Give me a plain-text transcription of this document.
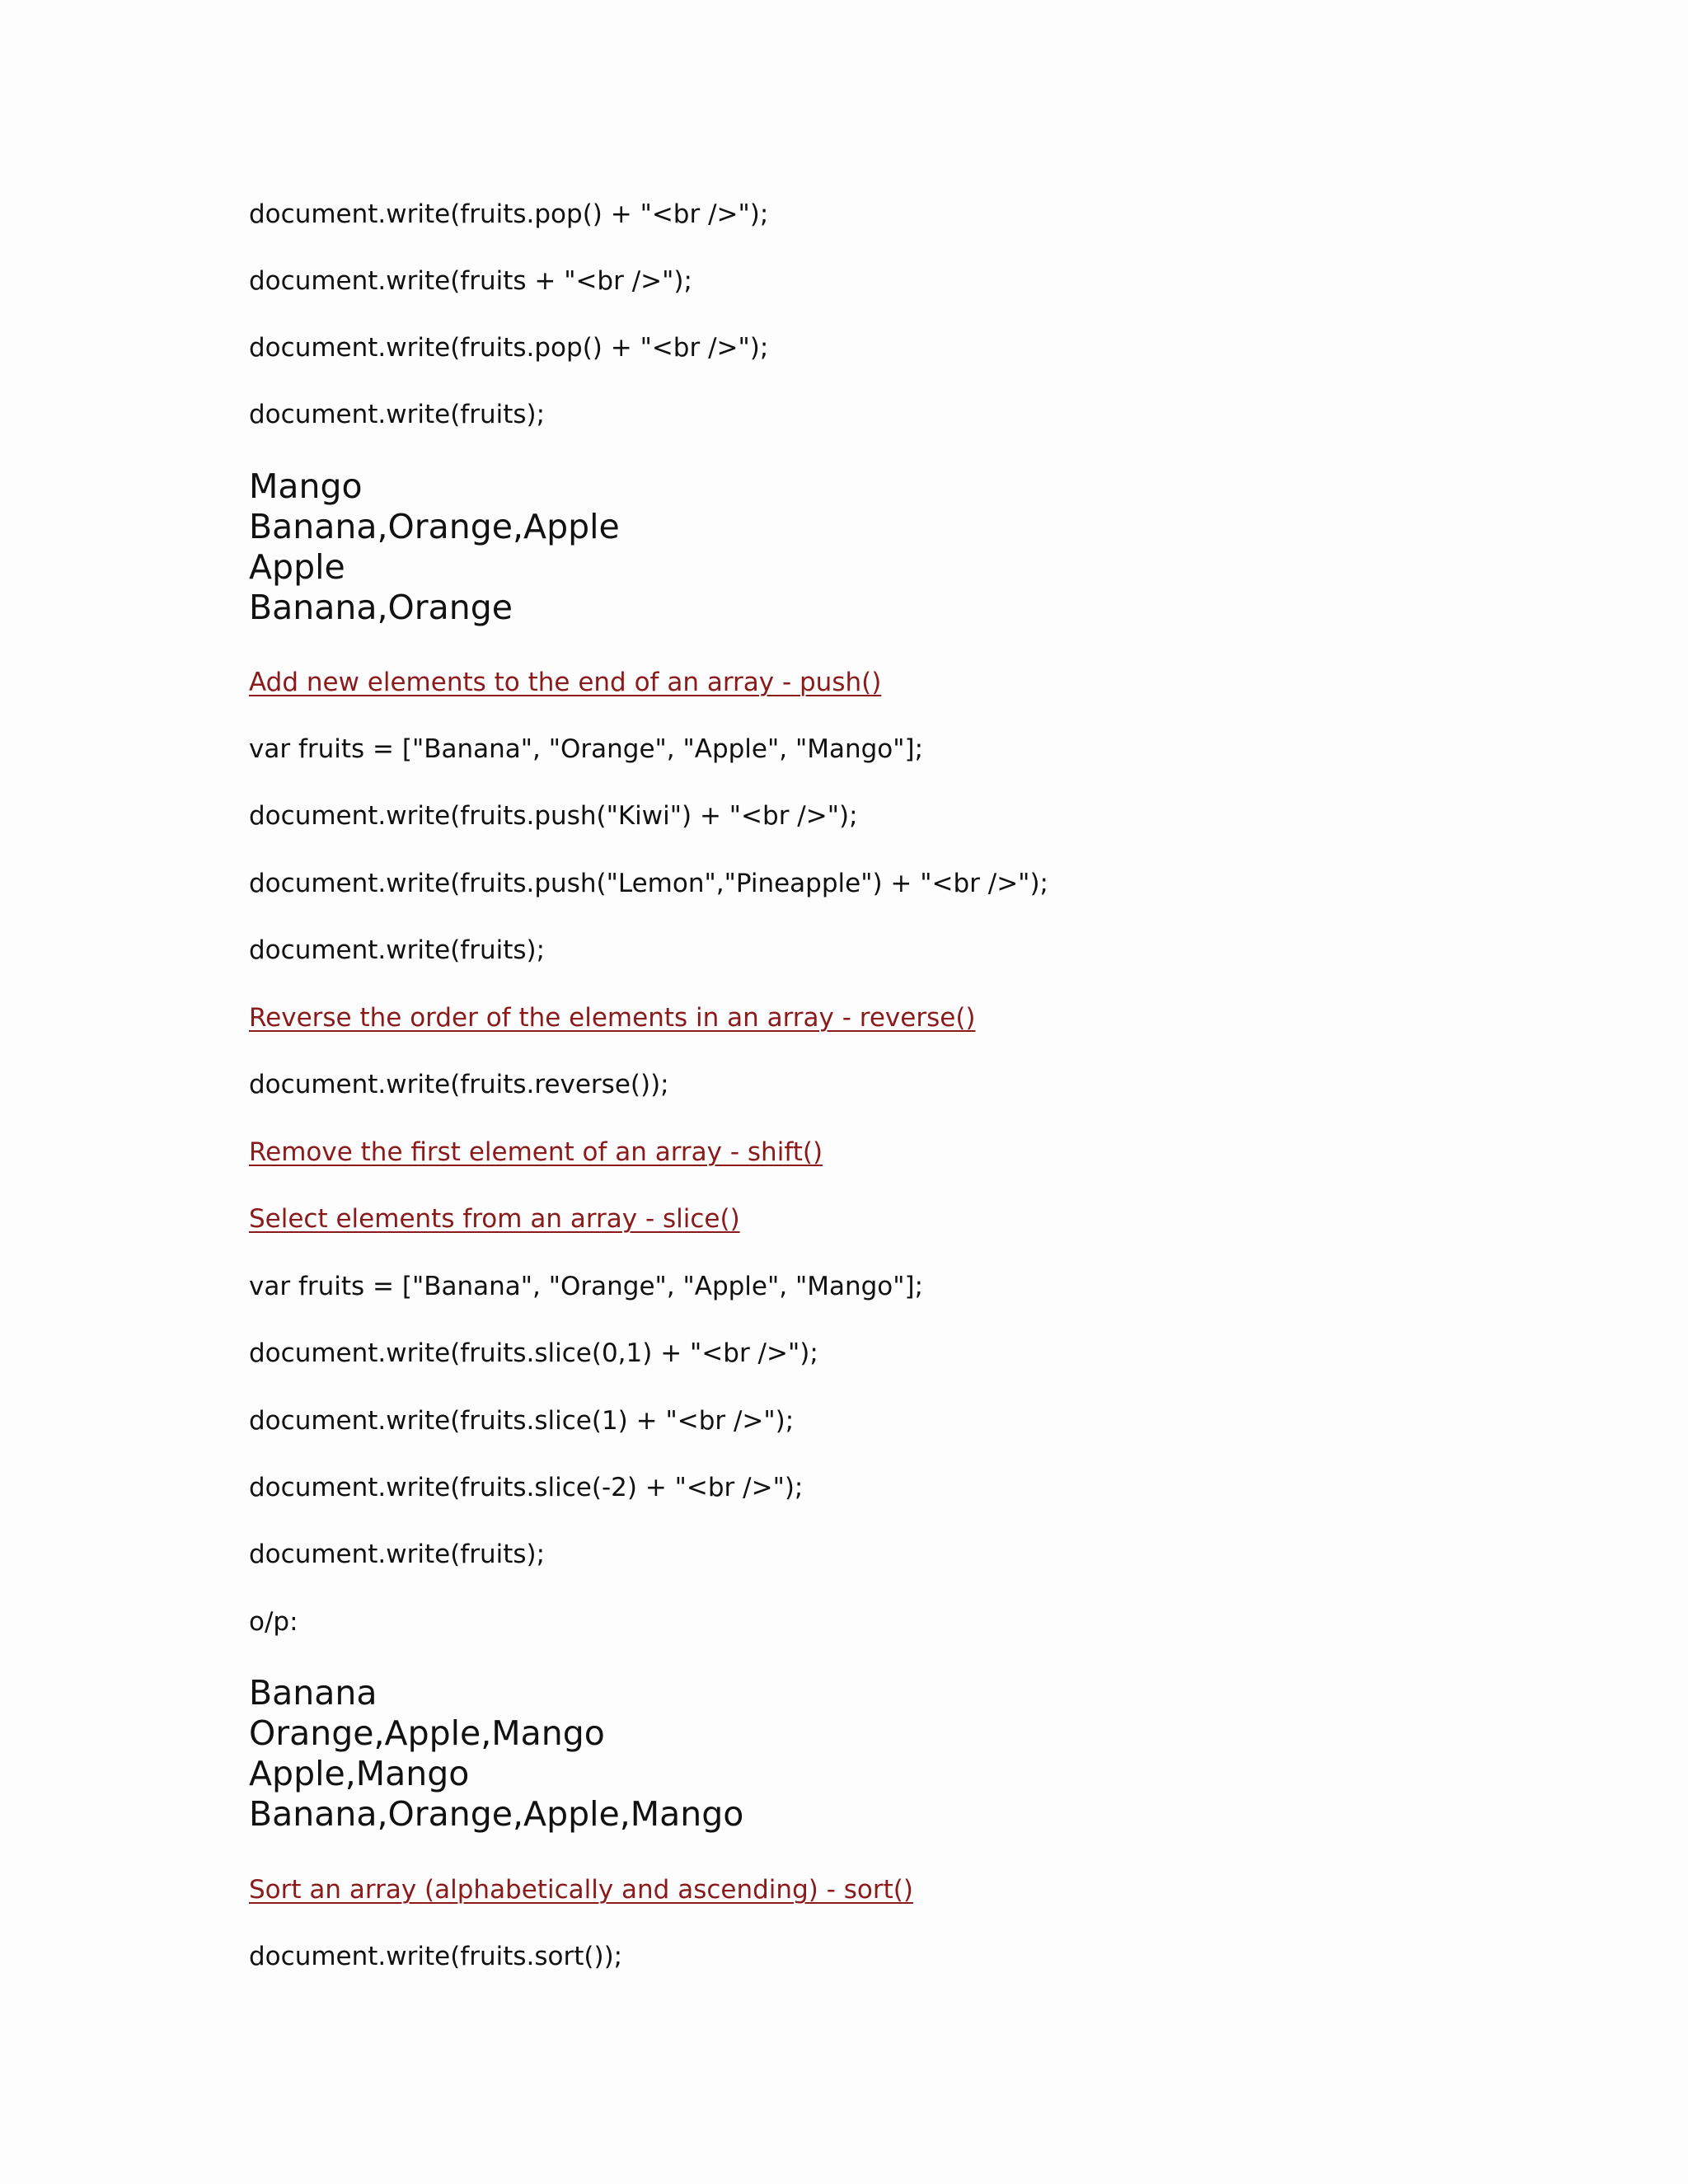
document.write(fruits.pop() + "<br />");
document.write(fruits + "<br />");
document.write(fruits.pop() + "<br />");
document.write(fruits);
Mango
Banana,Orange,Apple
Apple
Banana,Orange
Add new elements to the end of an array - push()
var fruits = ["Banana", "Orange", "Apple", "Mango"];
document.write(fruits.push("Kiwi") + "<br />");
document.write(fruits.push("Lemon","Pineapple") + "<br />");
document.write(fruits);
Reverse the order of the elements in an array - reverse()
document.write(fruits.reverse());
Remove the first element of an array - shift()
Select elements from an array - slice()
var fruits = ["Banana", "Orange", "Apple", "Mango"];
document.write(fruits.slice(0,1) + "<br />");
document.write(fruits.slice(1) + "<br />");
document.write(fruits.slice(-2) + "<br />");
document.write(fruits);
o/p:
Banana
Orange,Apple,Mango
Apple,Mango
Banana,Orange,Apple,Mango
Sort an array (alphabetically and ascending) - sort()
document.write(fruits.sort());
